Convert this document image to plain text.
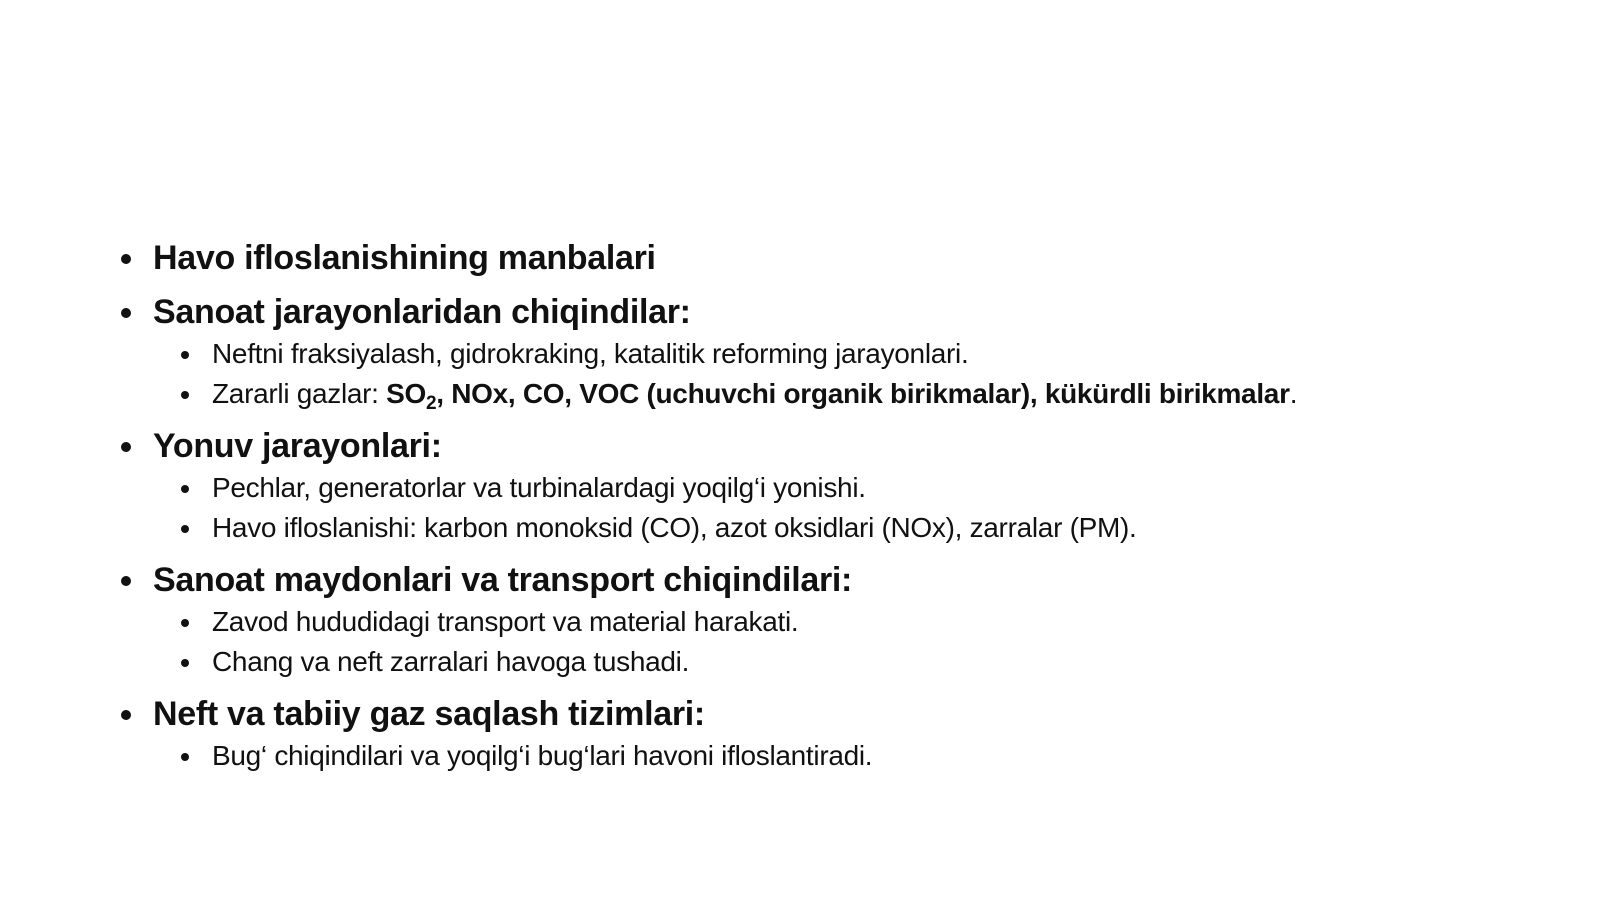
Havo ifloslanishining manbalari
Sanoat jarayonlaridan chiqindilar:
Neftni fraksiyalash, gidrokraking, katalitik reforming jarayonlari.
Zararli gazlar: $SO_2$, NOx, CO, VOC (uchuvchi organik birikmalar), kükürdli birikmalar.
Yonuv jarayonlari:
Pechlar, generatorlar va turbinalardagi yoqilg‘i yonishi.
Havo ifloslanishi: karbon monoksid (CO), azot oksidlari (NOx), zarralar (PM).
Sanoat maydonlari va transport chiqindilari:
Zavod hududidagi transport va material harakati.
Chang va neft zarralari havoga tushadi.
Neft va tabiiy gaz saqlash tizimlari:
Bug‘ chiqindilari va yoqilg‘i bug‘lari havoni ifloslantiradi.
